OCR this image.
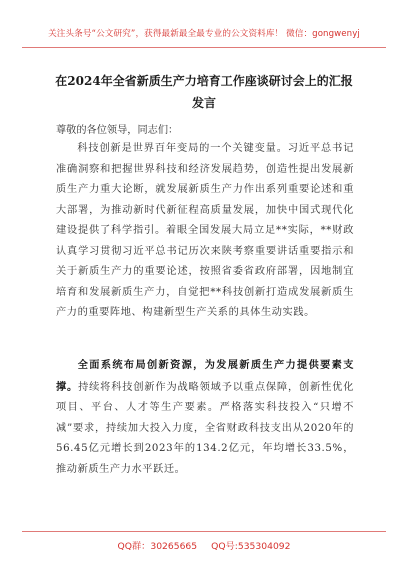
关注头条号“公文研究”，获得最新最全最专业的公文资料库！ 微信：gongwenyj
在2024年全省新质生产力培育工作座谈研讨会上的汇报发言
尊敬的各位领导，同志们：
科技创新是世界百年变局的一个关键变量。习近平总书记准确洞察和把握世界科技和经济发展趋势，创造性提出发展新质生产力重大论断，就发展新质生产力作出系列重要论述和重大部署，为推动新时代新征程高质量发展，加快中国式现代化建设提供了科学指引。着眼全国发展大局立足**实际，**财政认真学习贯彻习近平总书记历次来陕考察重要讲话重要指示和关于新质生产力的重要论述，按照省委省政府部署，因地制宜培育和发展新质生产力，自觉把**科技创新打造成发展新质生产力的重要阵地、构建新型生产关系的具体生动实践。
全面系统布局创新资源，为发展新质生产力提供要素支撑。持续将科技创新作为战略领域予以重点保障，创新性优化项目、平台、人才等生产要素。严格落实科技投入“只增不减”要求，持续加大投入力度，全省财政科技支出从2020年的56.45亿元增长到2023年的134.2亿元，年均增长33.5%，推动新质生产力水平跃迁。
QQ群：30265665 QQ号:535304092
